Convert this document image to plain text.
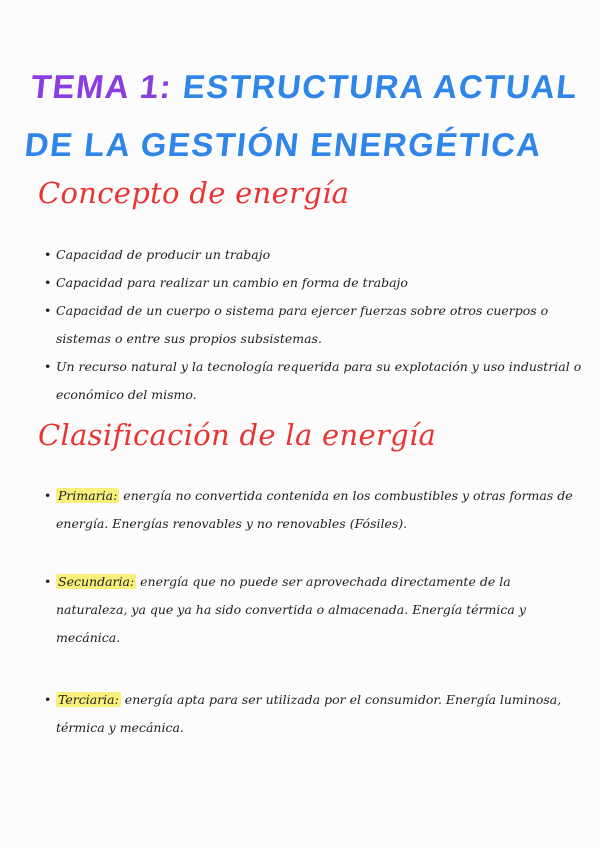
TEMA 1: ESTRUCTURA ACTUAL
DE LA GESTIÓN ENERGÉTICA
Concepto de energía
• Capacidad de producir un trabajo
• Capacidad para realizar un cambio en forma de trabajo
• Capacidad de un cuerpo o sistema para ejercer fuerzas sobre otros cuerpos o sistemas o entre sus propios subsistemas.
• Un recurso natural y la tecnología requerida para su explotación y uso industrial o económico del mismo.
Clasificación de la energía
• Primaria: energía no convertida contenida en los combustibles y otras formas de energía. Energías renovables y no renovables (Fósiles).
• Secundaria: energía que no puede ser aprovechada directamente de la naturaleza, ya que ya ha sido convertida o almacenada. Energía térmica y mecánica.
• Terciaria: energía apta para ser utilizada por el consumidor. Energía luminosa, térmica y mecánica.
